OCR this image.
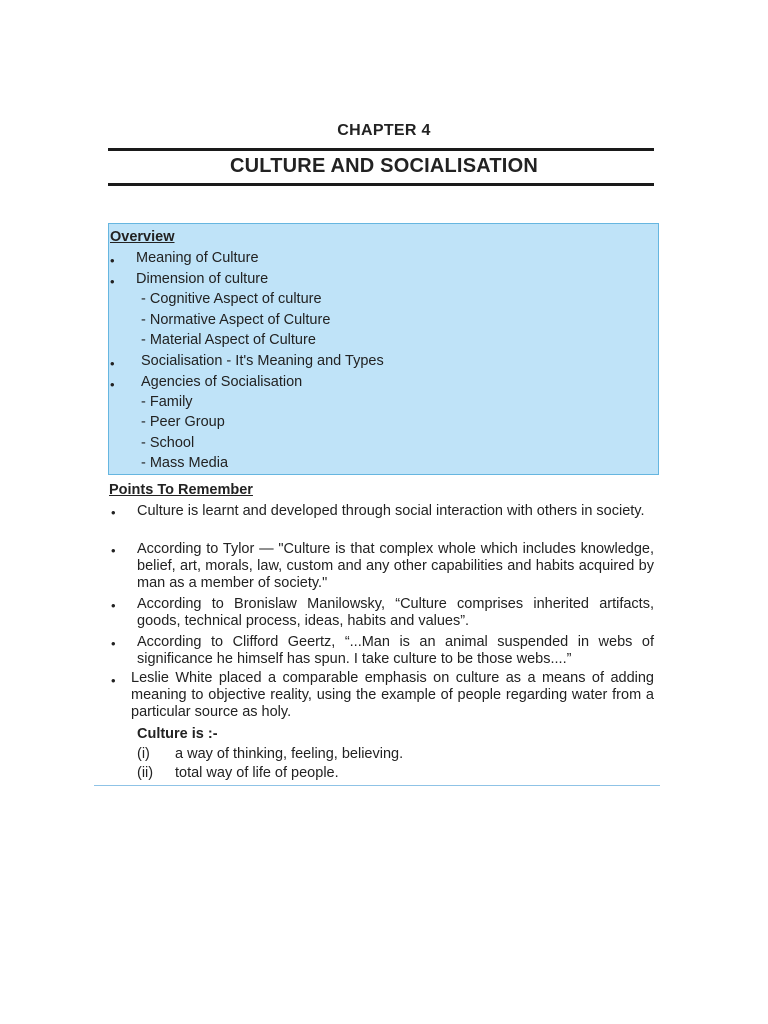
CHAPTER 4
CULTURE AND SOCIALISATION
Overview
• Meaning of Culture
• Dimension of culture
- Cognitive Aspect of culture
- Normative Aspect of Culture
- Material Aspect of Culture
• Socialisation - It's Meaning and Types
• Agencies of Socialisation
- Family
- Peer Group
- School
- Mass Media
Points To Remember
• Culture is learnt and developed through social interaction with others in society.
• According to Tylor — "Culture is that complex whole which includes knowledge, belief, art, morals, law, custom and any other capabilities and habits acquired by man as a member of society."
• According to Bronislaw Manilowsky, “Culture comprises inherited artifacts, goods, technical process, ideas, habits and values”.
• According to Clifford Geertz, “...Man is an animal suspended in webs of significance he himself has spun. I take culture to be those webs....”
• Leslie White placed a comparable emphasis on culture as a means of adding meaning to objective reality, using the example of people regarding water from a particular source as holy.
Culture is :-
(i) a way of thinking, feeling, believing.
(ii) total way of life of people.
